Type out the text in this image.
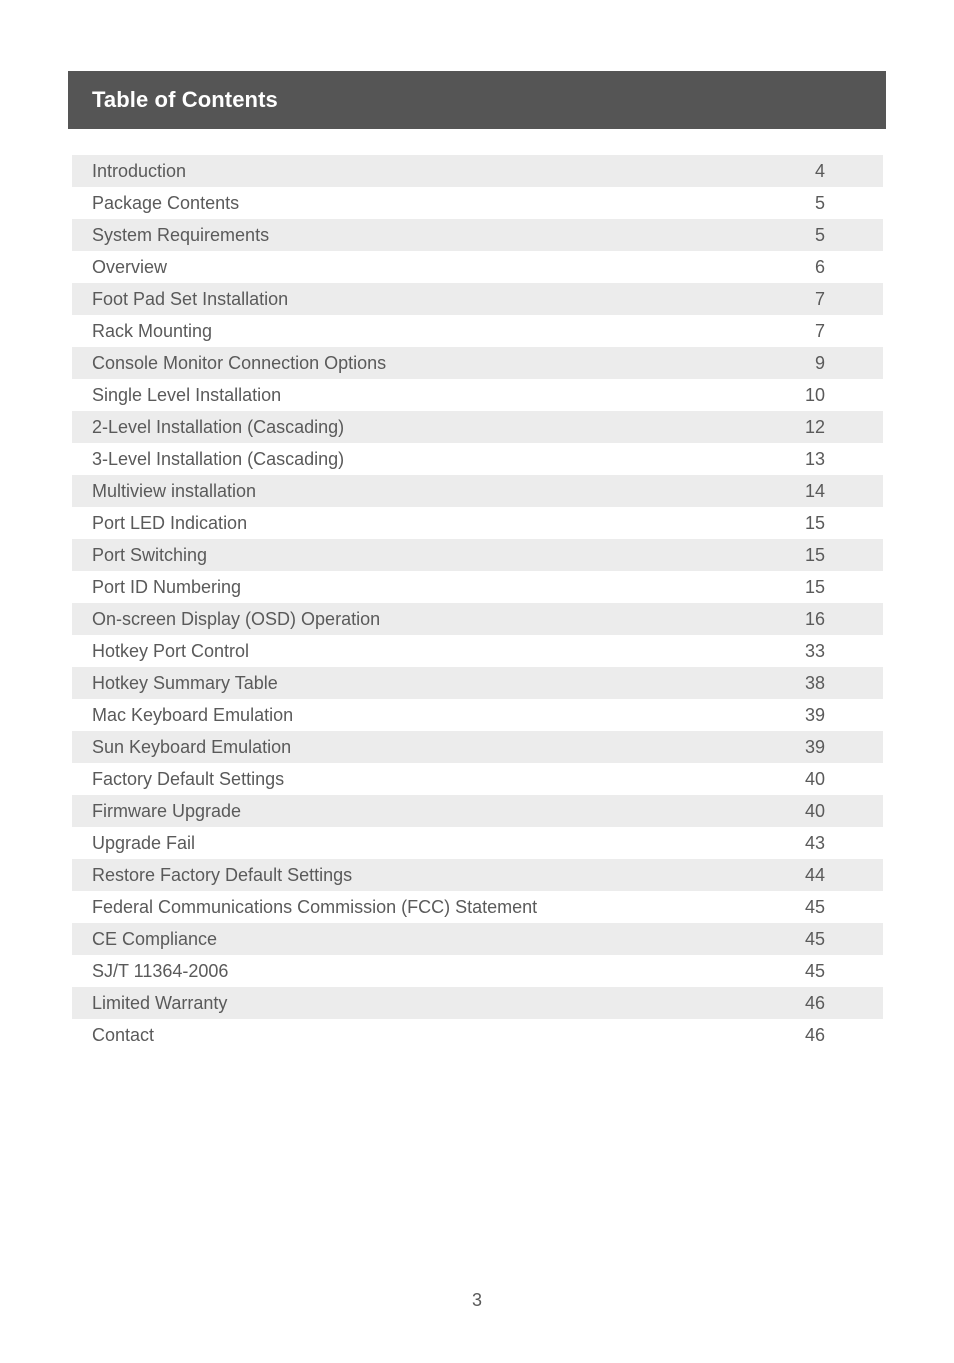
Table of Contents
Introduction	4
Package Contents	5
System Requirements	5
Overview	6
Foot Pad Set Installation	7
Rack Mounting	7
Console Monitor Connection Options	9
Single Level Installation	10
2-Level Installation (Cascading)	12
3-Level Installation (Cascading)	13
Multiview installation	14
Port LED Indication	15
Port Switching	15
Port ID Numbering	15
On-screen Display (OSD) Operation	16
Hotkey Port Control	33
Hotkey Summary Table	38
Mac Keyboard Emulation	39
Sun Keyboard Emulation	39
Factory Default Settings	40
Firmware Upgrade	40
Upgrade Fail	43
Restore Factory Default Settings	44
Federal Communications Commission (FCC) Statement	45
CE Compliance	45
SJ/T 11364-2006	45
Limited Warranty	46
Contact	46
3
